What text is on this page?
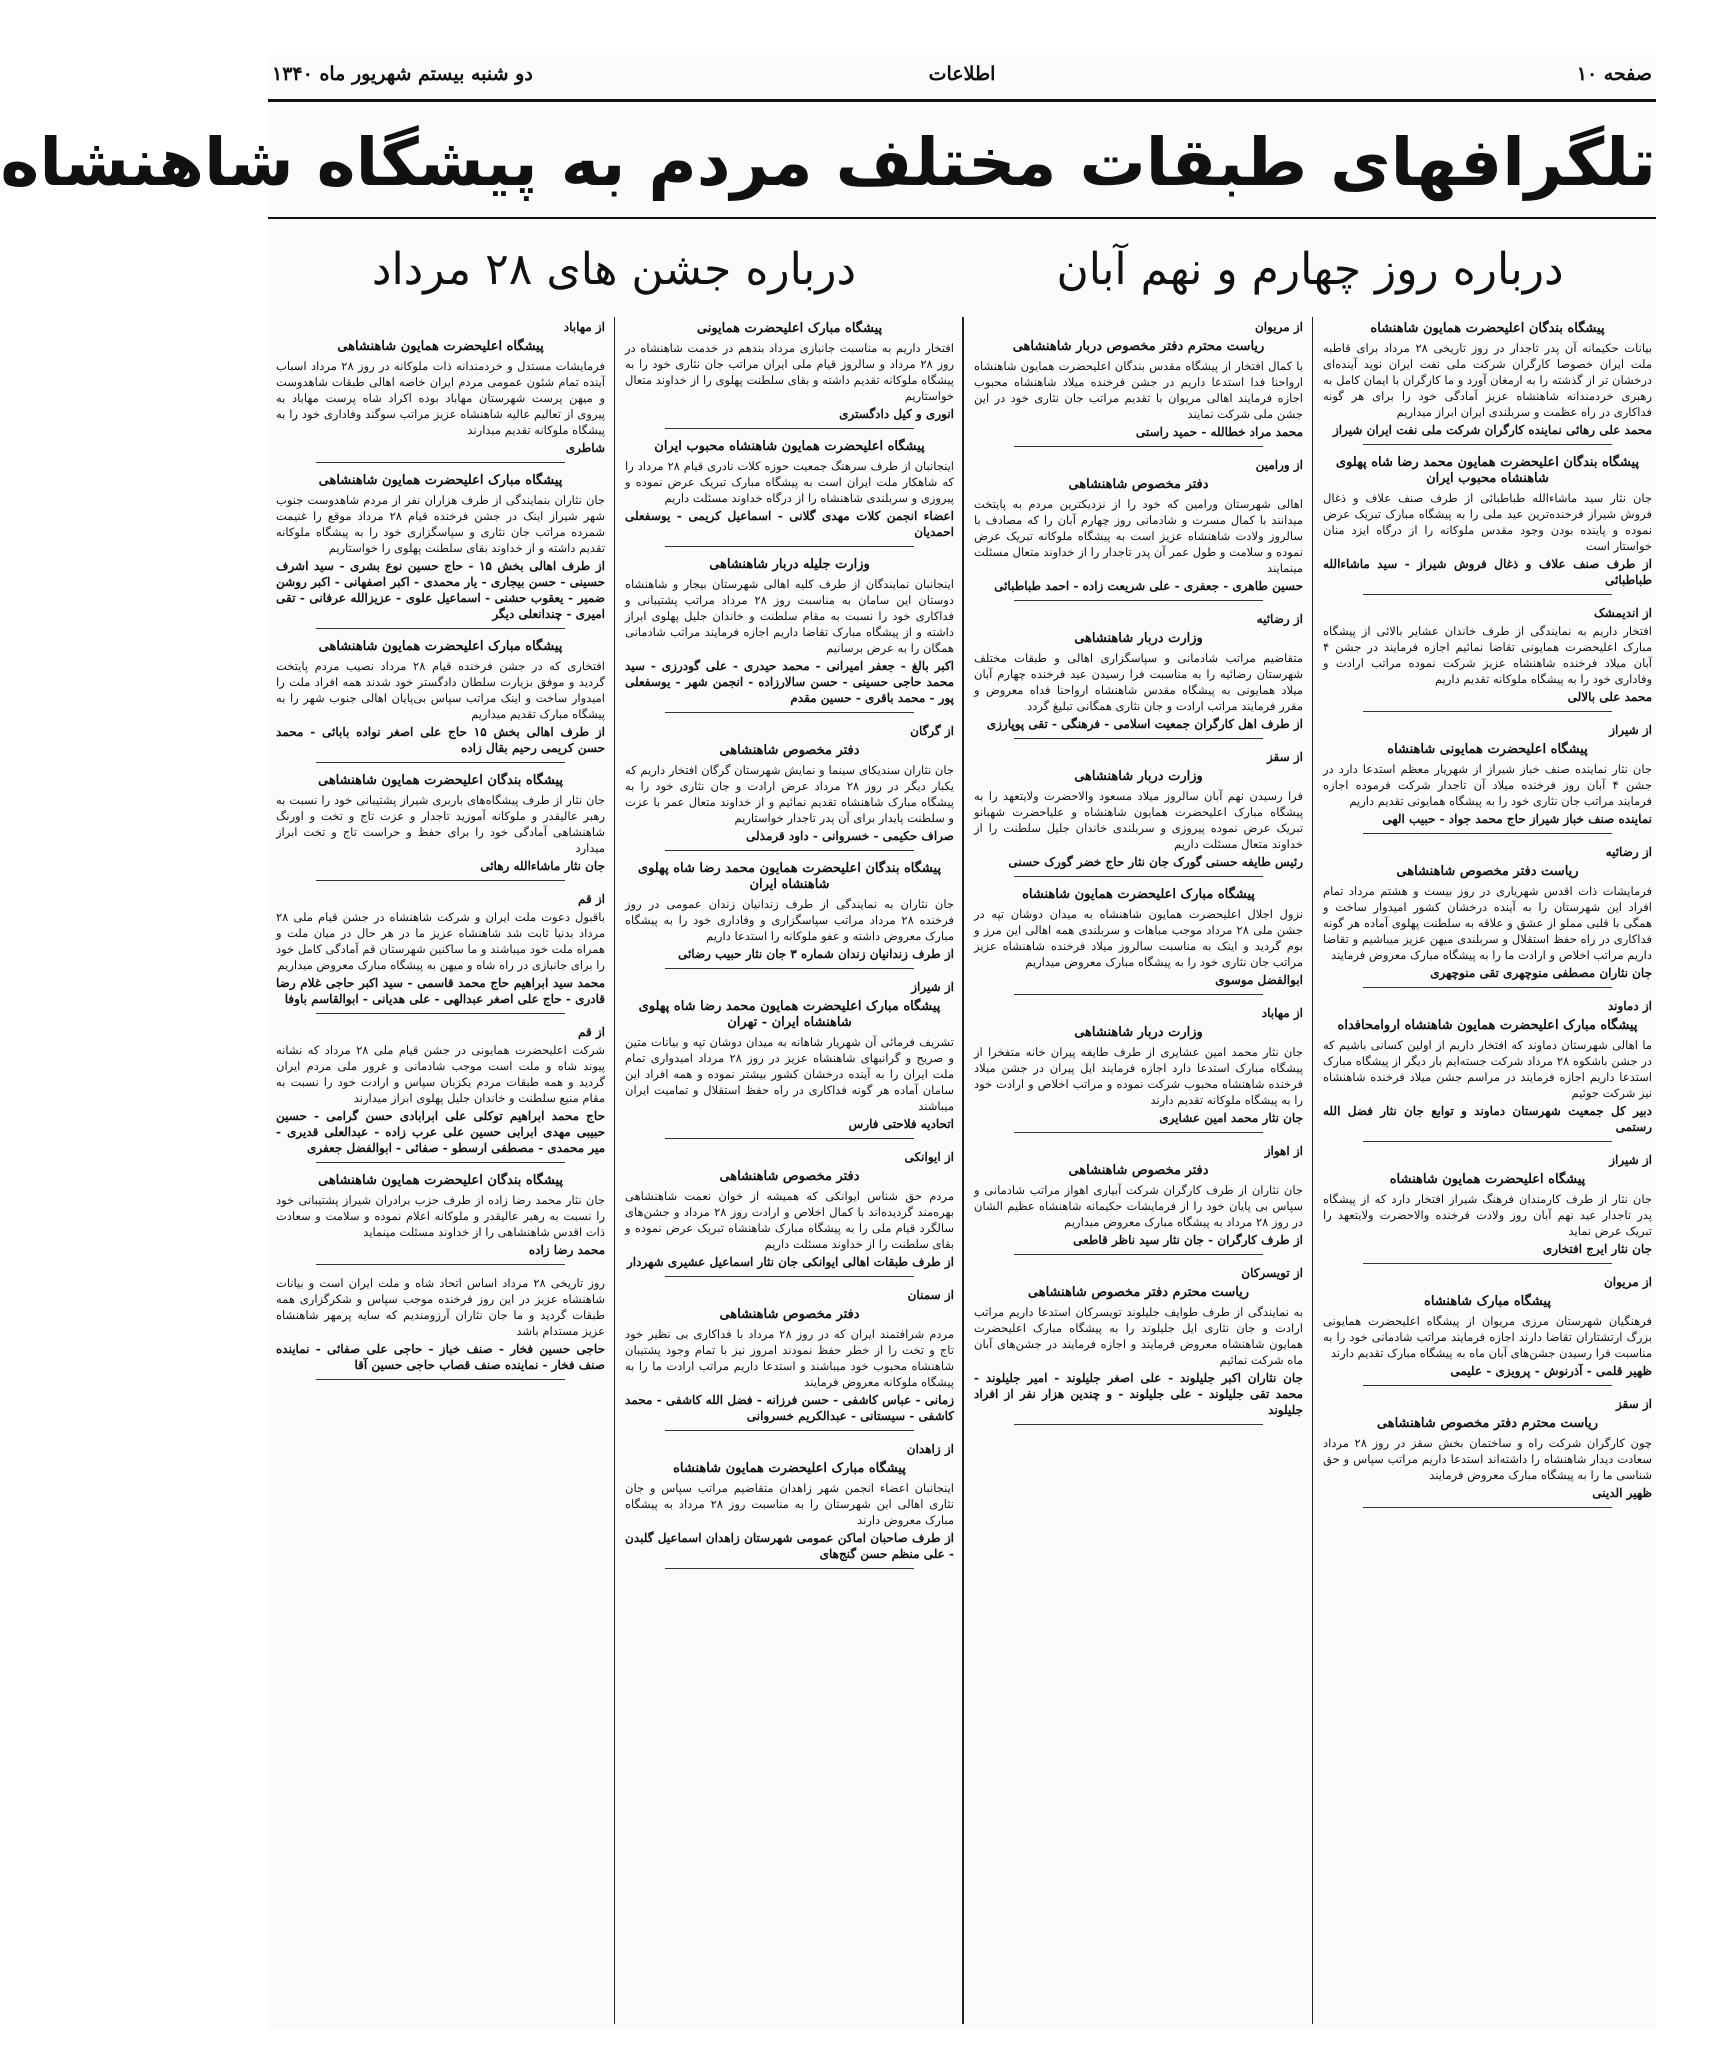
صفحه ۱۰
اطلاعات
دو شنبه بیستم شهریور ماه ۱۳۴۰
تلگرافهای طبقات مختلف مردم به پیشگاه شاهنشاه
درباره روز چهارم و نهم آبان
درباره جشن های ۲۸ مرداد
پیشگاه بندگان اعلیحضرت همایون شاهنشاه
بیانات حکیمانه آن پدر تاجدار در روز تاریخی ۲۸ مرداد برای قاطبه ملت ایران خصوصا کارگران شرکت ملی نفت ایران نوید آینده‌ای درخشان تر از گذشته را به ارمغان آورد و ما کارگران با ایمان کامل به رهبری خردمندانه شاهنشاه عزیز آمادگی خود را برای هر گونه فداکاری در راه عظمت و سربلندی ایران ابراز میداریم
محمد علی رهائی نماینده کارگران شرکت ملی نفت ایران شیراز
پیشگاه بندگان اعلیحضرت همایون محمد رضا شاه پهلوی شاهنشاه محبوب ایران
جان نثار سید ماشاءالله طباطبائی از طرف صنف علاف و ذغال فروش شیراز فرخنده‌ترین عید ملی را به پیشگاه مبارک تبریک عرض نموده و پاینده بودن وجود مقدس ملوکانه را از درگاه ایزد منان خواستار است
از طرف صنف علاف و ذغال فروش شیراز - سید ماشاءالله طباطبائی
از اندیمشک
افتخار داریم به نمایندگی از طرف خاندان عشایر بالائی از پیشگاه مبارک اعلیحضرت همایونی تقاضا نمائیم اجازه فرمایند در جشن ۴ آبان میلاد فرخنده شاهنشاه عزیز شرکت نموده مراتب ارادت و وفاداری خود را به پیشگاه ملوکانه تقدیم داریم
محمد علی بالالی
از شیراز
پیشگاه اعلیحضرت همایونی شاهنشاه
جان نثار نماینده صنف خباز شیراز از شهریار معظم استدعا دارد در جشن ۴ آبان روز فرخنده میلاد آن تاجدار شرکت فرموده اجازه فرمایند مراتب جان نثاری خود را به پیشگاه همایونی تقدیم داریم
نماینده صنف خباز شیراز حاج محمد جواد - حبیب الهی
از رضائیه
ریاست دفتر مخصوص شاهنشاهی
فرمایشات ذات اقدس شهریاری در روز بیست و هشتم مرداد تمام افراد این شهرستان را به آینده درخشان کشور امیدوار ساخت و همگی با قلبی مملو از عشق و علاقه به سلطنت پهلوی آماده هر گونه فداکاری در راه حفظ استقلال و سربلندی میهن عزیز میباشیم و تقاضا داریم مراتب اخلاص و ارادت ما را به پیشگاه مبارک معروض فرمایند
جان نثاران مصطفی منوچهری تقی منوچهری
از دماوند
پیشگاه مبارک اعلیحضرت همایون شاهنشاه اروامحافداه
ما اهالی شهرستان دماوند که افتخار داریم از اولین کسانی باشیم که در جشن باشکوه ۲۸ مرداد شرکت جسته‌ایم بار دیگر از پیشگاه مبارک استدعا داریم اجازه فرمایند در مراسم جشن میلاد فرخنده شاهنشاه نیز شرکت جوئیم
دبیر کل جمعیت شهرستان دماوند و توابع جان نثار فضل الله رستمی
از شیراز
پیشگاه اعلیحضرت همایون شاهنشاه
جان نثار از طرف کارمندان فرهنگ شیراز افتخار دارد که از پیشگاه پدر تاجدار عید نهم آبان روز ولادت فرخنده والاحضرت ولایتعهد را تبریک عرض نماید
جان نثار ایرج افتخاری
از مریوان
پیشگاه مبارک شاهنشاه
فرهنگیان شهرستان مرزی مریوان از پیشگاه اعلیحضرت همایونی بزرگ ارتشتاران تقاضا دارند اجازه فرمایند مراتب شادمانی خود را به مناسبت فرا رسیدن جشن‌های آبان ماه به پیشگاه مبارک تقدیم دارند
ظهیر قلمی - آذرنوش - پرویزی - علیمی
از سقز
ریاست محترم دفتر مخصوص شاهنشاهی
چون کارگران شرکت راه و ساختمان بخش سقز در روز ۲۸ مرداد سعادت دیدار شاهنشاه را داشته‌اند استدعا داریم مراتب سپاس و حق شناسی ما را به پیشگاه مبارک معروض فرمایند
ظهیر الدینی
از مریوان
ریاست محترم دفتر مخصوص دربار شاهنشاهی
با کمال افتخار از پیشگاه مقدس بندگان اعلیحضرت همایون شاهنشاه ارواحنا فدا استدعا داریم در جشن فرخنده میلاد شاهنشاه محبوب اجازه فرمایند اهالی مریوان با تقدیم مراتب جان نثاری خود در این جشن ملی شرکت نمایند
محمد مراد خطالله - حمید راستی
از ورامین
دفتر مخصوص شاهنشاهی
اهالی شهرستان ورامین که خود را از نزدیکترین مردم به پایتخت میدانند با کمال مسرت و شادمانی روز چهارم آبان را که مصادف با سالروز ولادت شاهنشاه عزیز است به پیشگاه ملوکانه تبریک عرض نموده و سلامت و طول عمر آن پدر تاجدار را از خداوند متعال مسئلت مینمایند
حسین طاهری - جعفری - علی شریعت زاده - احمد طباطبائی
از رضائیه
وزارت دربار شاهنشاهی
متقاضیم مراتب شادمانی و سپاسگزاری اهالی و طبقات مختلف شهرستان رضائیه را به مناسبت فرا رسیدن عید فرخنده چهارم آبان میلاد همایونی به پیشگاه مقدس شاهنشاه ارواحنا فداه معروض و مقرر فرمایند مراتب ارادت و جان نثاری همگانی تبلیغ گردد
از طرف اهل کارگران جمعیت اسلامی - فرهنگی - تقی پوپارزی
از سقز
وزارت دربار شاهنشاهی
فرا رسیدن نهم آبان سالروز میلاد مسعود والاحضرت ولایتعهد را به پیشگاه مبارک اعلیحضرت همایون شاهنشاه و علیاحضرت شهبانو تبریک عرض نموده پیروزی و سربلندی خاندان جلیل سلطنت را از خداوند متعال مسئلت داریم
رئیس طایفه حسنی گورک جان نثار حاج خضر گورک حسنی
پیشگاه مبارک اعلیحضرت همایون شاهنشاه
نزول اجلال اعلیحضرت همایون شاهنشاه به میدان دوشان تپه در جشن ملی ۲۸ مرداد موجب مباهات و سربلندی همه اهالی این مرز و بوم گردید و اینک به مناسبت سالروز میلاد فرخنده شاهنشاه عزیز مراتب جان نثاری خود را به پیشگاه مبارک معروض میداریم
ابوالفضل موسوی
از مهاباد
وزارت دربار شاهنشاهی
جان نثار محمد امین عشایری از طرف طایفه پیران خانه متفخرا از پیشگاه مبارک استدعا دارد اجازه فرمایند ایل پیران در جشن میلاد فرخنده شاهنشاه محبوب شرکت نموده و مراتب اخلاص و ارادت خود را به پیشگاه ملوکانه تقدیم دارند
جان نثار محمد امین عشایری
از اهواز
دفتر مخصوص شاهنشاهی
جان نثاران از طرف کارگران شرکت آبیاری اهواز مراتب شادمانی و سپاس بی پایان خود را از فرمایشات حکیمانه شاهنشاه عظیم الشان در روز ۲۸ مرداد به پیشگاه مبارک معروض میداریم
از طرف کارگران - جان نثار سید ناظر قاطعی
از تویسرکان
ریاست محترم دفتر مخصوص شاهنشاهی
به نمایندگی از طرف طوایف جلیلوند تویسرکان استدعا داریم مراتب ارادت و جان نثاری ایل جلیلوند را به پیشگاه مبارک اعلیحضرت همایون شاهنشاه معروض فرمایند و اجازه فرمایند در جشن‌های آبان ماه شرکت نمائیم
جان نثاران اکبر جلیلوند - علی اصغر جلیلوند - امیر جلیلوند - محمد تقی جلیلوند - علی جلیلوند - و چندین هزار نفر از افراد جلیلوند
پیشگاه مبارک اعلیحضرت همایونی
افتخار داریم به مناسبت جانبازی مرداد بندهم در خدمت شاهنشاه در روز ۲۸ مرداد و سالروز قیام ملی ایران مراتب جان نثاری خود را به پیشگاه ملوکانه تقدیم داشته و بقای سلطنت پهلوی را از خداوند متعال خواستاریم
انوری و کیل دادگستری
پیشگاه اعلیحضرت همایون شاهنشاه محبوب ایران
اینجانبان از طرف سرهنگ جمعیت حوزه کلات نادری قیام ۲۸ مرداد را که شاهکار ملت ایران است به پیشگاه مبارک تبریک عرض نموده و پیروزی و سربلندی شاهنشاه را از درگاه خداوند مسئلت داریم
اعضاء انجمن کلات مهدی گلانی - اسماعیل کریمی - یوسفعلی احمدیان
وزارت جلیله دربار شاهنشاهی
اینجانبان نمایندگان از طرف کلیه اهالی شهرستان بیجار و شاهنشاه دوستان این سامان به مناسبت روز ۲۸ مرداد مراتب پشتیبانی و فداکاری خود را نسبت به مقام سلطنت و خاندان جلیل پهلوی ابراز داشته و از پیشگاه مبارک تقاضا داریم اجازه فرمایند مراتب شادمانی همگان را به عرض برسانیم
اکبر بالغ - جعفر امیرانی - محمد حیدری - علی گودرزی - سید محمد حاجی حسینی - حسن سالارزاده - انجمن شهر - یوسفعلی پور - محمد باقری - حسین مقدم
از گرگان
دفتر مخصوص شاهنشاهی
جان نثاران سندیکای سینما و نمایش شهرستان گرگان افتخار داریم که یکبار دیگر در روز ۲۸ مرداد عرض ارادت و جان نثاری خود را به پیشگاه مبارک شاهنشاه تقدیم نمائیم و از خداوند متعال عمر با عزت و سلطنت پایدار برای آن پدر تاجدار خواستاریم
صراف حکیمی - خسروانی - داود قرمذلی
پیشگاه بندگان اعلیحضرت همایون محمد رضا شاه پهلوی شاهنشاه ایران
جان نثاران به نمایندگی از طرف زندانیان زندان عمومی در روز فرخنده ۲۸ مرداد مراتب سپاسگزاری و وفاداری خود را به پیشگاه مبارک معروض داشته و عفو ملوکانه را استدعا داریم
از طرف زندانیان زندان شماره ۳ جان نثار حبیب رضائی
از شیراز
پیشگاه مبارک اعلیحضرت همایون محمد رضا شاه پهلوی شاهنشاه ایران - تهران
تشریف فرمائی آن شهریار شاهانه به میدان دوشان تپه و بیانات متین و صریح و گرانبهای شاهنشاه عزیز در روز ۲۸ مرداد امیدواری تمام ملت ایران را به آینده درخشان کشور بیشتر نموده و همه افراد این سامان آماده هر گونه فداکاری در راه حفظ استقلال و تمامیت ایران میباشند
اتحادیه فلاحتی فارس
از ایوانکی
دفتر مخصوص شاهنشاهی
مردم حق شناس ایوانکی که همیشه از خوان نعمت شاهنشاهی بهره‌مند گردیده‌اند با کمال اخلاص و ارادت روز ۲۸ مرداد و جشن‌های سالگرد قیام ملی را به پیشگاه مبارک شاهنشاه تبریک عرض نموده و بقای سلطنت را از خداوند مسئلت داریم
از طرف طبقات اهالی ایوانکی جان نثار اسماعیل عشیری شهردار
از سمنان
دفتر مخصوص شاهنشاهی
مردم شرافتمند ایران که در روز ۲۸ مرداد با فداکاری بی نظیر خود تاج و تخت را از خطر حفظ نمودند امروز نیز با تمام وجود پشتیبان شاهنشاه محبوب خود میباشند و استدعا داریم مراتب ارادت ما را به پیشگاه ملوکانه معروض فرمایند
زمانی - عباس کاشفی - حسن فرزانه - فضل الله کاشفی - محمد کاشفی - سیستانی - عبدالکریم خسروانی
از زاهدان
پیشگاه مبارک اعلیحضرت همایون شاهنشاه
اینجانبان اعضاء انجمن شهر زاهدان متقاضیم مراتب سپاس و جان نثاری اهالی این شهرستان را به مناسبت روز ۲۸ مرداد به پیشگاه مبارک معروض دارند
از طرف صاحبان اماکن عمومی شهرستان زاهدان اسماعیل گلبدن - علی منظم حسن گنج‌های
از مهاباد
پیشگاه اعلیحضرت همایون شاهنشاهی
فرمایشات مستدل و خردمندانه ذات ملوکانه در روز ۲۸ مرداد اسباب آینده تمام شئون عمومی مردم ایران خاصه اهالی طبقات شاهدوست و میهن پرست شهرستان مهاباد بوده اکراد شاه پرست مهاباد به پیروی از تعالیم عالیه شاهنشاه عزیز مراتب سوگند وفاداری خود را به پیشگاه ملوکانه تقدیم میدارند
شاطری
پیشگاه مبارک اعلیحضرت همایون شاهنشاهی
جان نثاران بنمایندگی از طرف هزاران نفر از مردم شاهدوست جنوب شهر شیراز اینک در جشن فرخنده قیام ۲۸ مرداد موقع را غنیمت شمرده مراتب جان نثاری و سپاسگزاری خود را به پیشگاه ملوکانه تقدیم داشته و از خداوند بقای سلطنت پهلوی را خواستاریم
از طرف اهالی بخش ۱۵ - حاج حسین نوع بشری - سید اشرف حسینی - حسن بیجاری - یار محمدی - اکبر اصفهانی - اکبر روشن ضمیر - یعقوب حشنی - اسماعیل علوی - عزیزالله عرفانی - تقی امیری - چندانعلی دیگر
پیشگاه مبارک اعلیحضرت همایون شاهنشاهی
افتخاری که در جشن فرخنده قیام ۲۸ مرداد نصیب مردم پایتخت گردید و موفق بزیارت سلطان دادگستر خود شدند همه افراد ملت را امیدوار ساخت و اینک مراتب سپاس بی‌پایان اهالی جنوب شهر را به پیشگاه مبارک تقدیم میداریم
از طرف اهالی بخش ۱۵ حاج علی اصغر نواده بابائی - محمد حسن کریمی رحیم بقال زاده
پیشگاه بندگان اعلیحضرت همایون شاهنشاهی
جان نثار از طرف پیشگاه‌های باربری شیراز پشتیبانی خود را نسبت به رهبر عالیقدر و ملوکانه آموزید تاجدار و عزت تاج و تخت و اورنگ شاهنشاهی آمادگی خود را برای حفظ و حراست تاج و تخت ابراز میدارد
جان نثار ماشاءالله رهائی
از قم
باقبول دعوت ملت ایران و شرکت شاهنشاه در جشن قیام ملی ۲۸ مرداد بدنیا ثابت شد شاهنشاه عزیز ما در هر حال در میان ملت و همراه ملت خود میباشند و ما ساکنین شهرستان قم آمادگی کامل خود را برای جانبازی در راه شاه و میهن به پیشگاه مبارک معروض میداریم
محمد سید ابراهیم حاج محمد قاسمی - سید اکبر حاجی غلام رضا قادری - حاج علی اصغر عبدالهی - علی هدیانی - ابوالقاسم باوفا
از قم
شرکت اعلیحضرت همایونی در جشن قیام ملی ۲۸ مرداد که نشانه پیوند شاه و ملت است موجب شادمانی و غرور ملی مردم ایران گردید و همه طبقات مردم یکزبان سپاس و ارادت خود را نسبت به مقام منیع سلطنت و خاندان جلیل پهلوی ابراز میدارند
حاج محمد ابراهیم توکلی علی ابرابادی حسن گرامی - حسین حبیبی مهدی ابرابی حسین علی عرب زاده - عبدالعلی قدیری - میر محمدی - مصطفی ارسطو - صفائی - ابوالفضل جعفری
پیشگاه بندگان اعلیحضرت همایون شاهنشاهی
جان نثار محمد رضا زاده از طرف حزب برادران شیراز پشتیبانی خود را نسبت به رهبر عالیقدر و ملوکانه اعلام نموده و سلامت و سعادت ذات اقدس شاهنشاهی را از خداوند مسئلت مینماید
محمد رضا زاده
روز تاریخی ۲۸ مرداد اساس اتحاد شاه و ملت ایران است و بیانات شاهنشاه عزیز در این روز فرخنده موجب سپاس و شکرگزاری همه طبقات گردید و ما جان نثاران آرزومندیم که سایه پرمهر شاهنشاه عزیز مستدام باشد
حاجی حسین فخار - صنف خباز - حاجی علی صفائی - نماینده صنف فخار - نماینده صنف قصاب حاجی حسین آقا
